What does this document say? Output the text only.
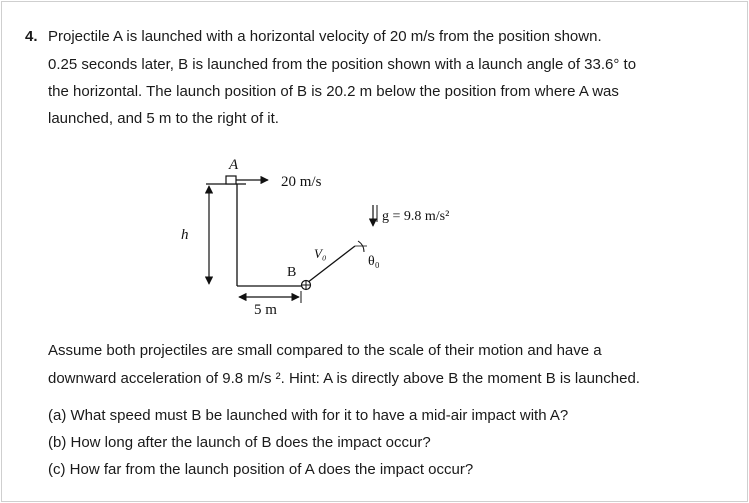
4. Projectile A is launched with a horizontal velocity of 20 m/s from the position shown.
0.25 seconds later, B is launched from the position shown with a launch angle of 33.6° to
the horizontal. The launch position of B is 20.2 m below the position from where A was
launched, and 5 m to the right of it.
A
20 m/s
g = 9.8 m/s²
h
V₀
θ₀
B
5 m
Assume both projectiles are small compared to the scale of their motion and have a
downward acceleration of 9.8 m/s ². Hint: A is directly above B the moment B is launched.
(a) What speed must B be launched with for it to have a mid-air impact with A?
(b) How long after the launch of B does the impact occur?
(c) How far from the launch position of A does the impact occur?
